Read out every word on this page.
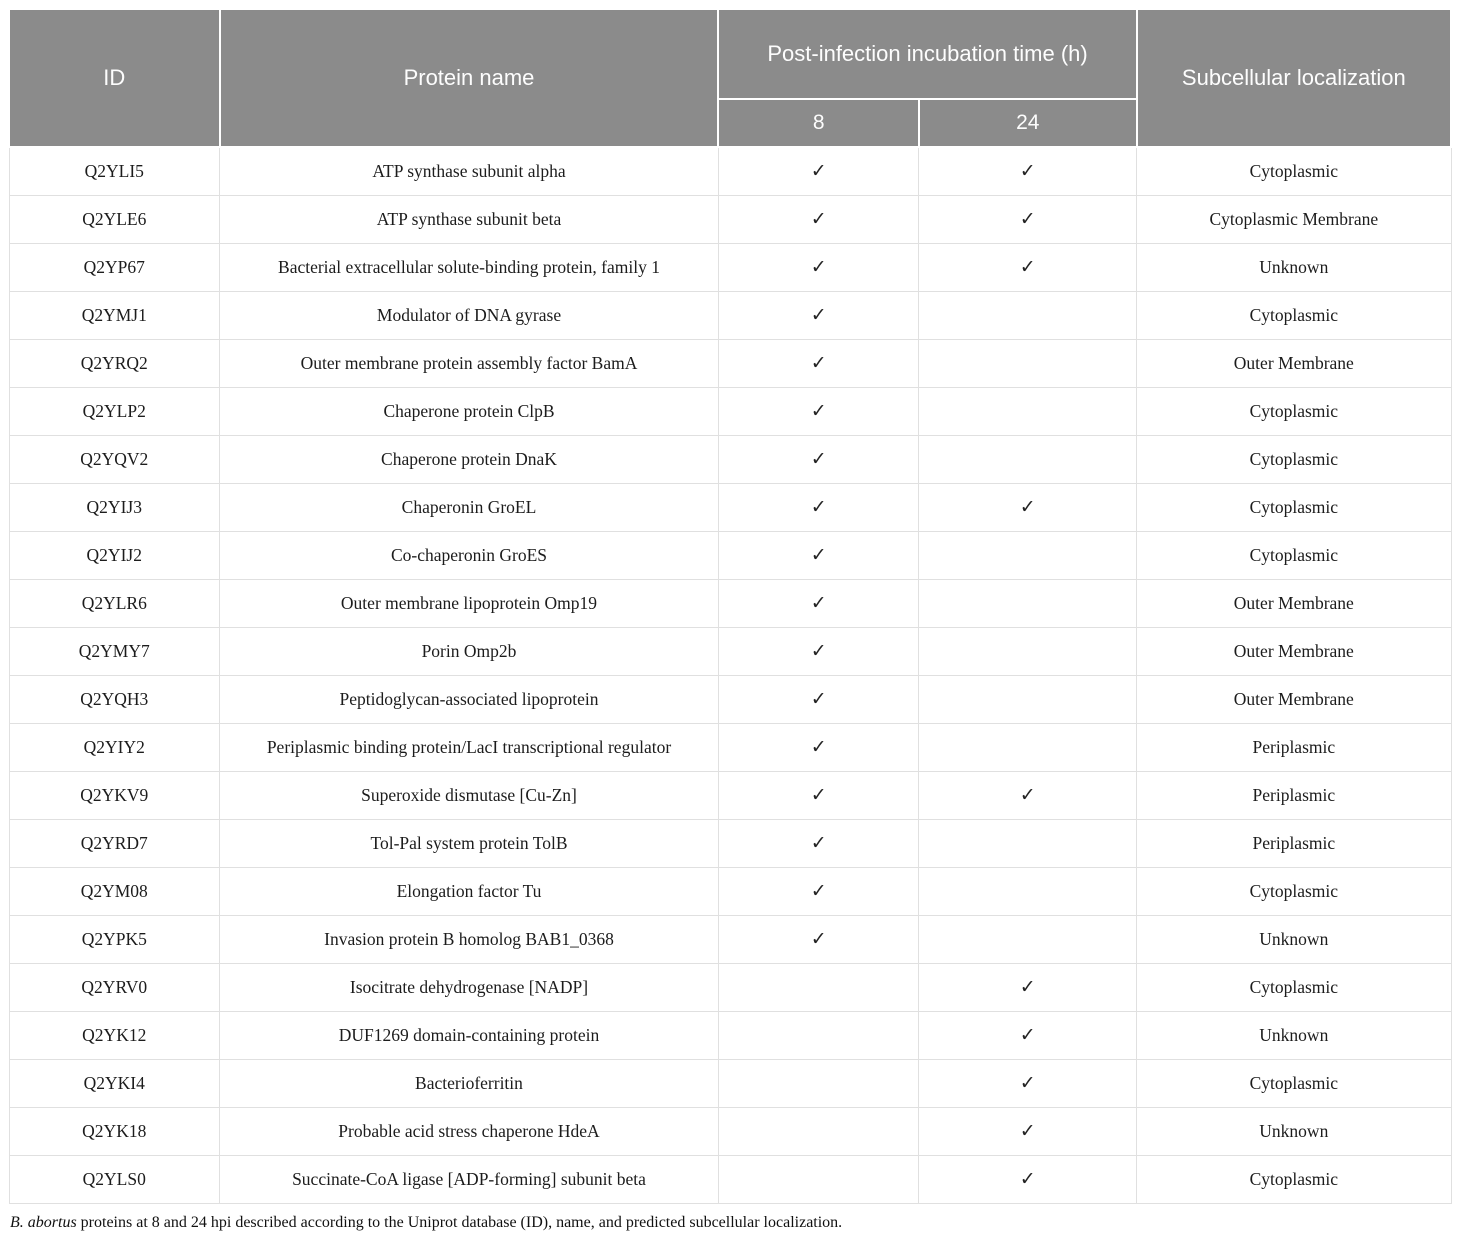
ID	Protein name	Post-infection incubation time (h)		Subcellular localization
		8	24	
Q2YLI5	ATP synthase subunit alpha	✓	✓	Cytoplasmic
Q2YLE6	ATP synthase subunit beta	✓	✓	Cytoplasmic Membrane
Q2YP67	Bacterial extracellular solute-binding protein, family 1	✓	✓	Unknown
Q2YMJ1	Modulator of DNA gyrase	✓		Cytoplasmic
Q2YRQ2	Outer membrane protein assembly factor BamA	✓		Outer Membrane
Q2YLP2	Chaperone protein ClpB	✓		Cytoplasmic
Q2YQV2	Chaperone protein DnaK	✓		Cytoplasmic
Q2YIJ3	Chaperonin GroEL	✓	✓	Cytoplasmic
Q2YIJ2	Co-chaperonin GroES	✓		Cytoplasmic
Q2YLR6	Outer membrane lipoprotein Omp19	✓		Outer Membrane
Q2YMY7	Porin Omp2b	✓		Outer Membrane
Q2YQH3	Peptidoglycan-associated lipoprotein	✓		Outer Membrane
Q2YIY2	Periplasmic binding protein/LacI transcriptional regulator	✓		Periplasmic
Q2YKV9	Superoxide dismutase [Cu-Zn]	✓	✓	Periplasmic
Q2YRD7	Tol-Pal system protein TolB	✓		Periplasmic
Q2YM08	Elongation factor Tu	✓		Cytoplasmic
Q2YPK5	Invasion protein B homolog BAB1_0368	✓		Unknown
Q2YRV0	Isocitrate dehydrogenase [NADP]		✓	Cytoplasmic
Q2YK12	DUF1269 domain-containing protein		✓	Unknown
Q2YKI4	Bacterioferritin		✓	Cytoplasmic
Q2YK18	Probable acid stress chaperone HdeA		✓	Unknown
Q2YLS0	Succinate-CoA ligase [ADP-forming] subunit beta		✓	Cytoplasmic

B. abortus proteins at 8 and 24 hpi described according to the Uniprot database (ID), name, and predicted subcellular localization.
